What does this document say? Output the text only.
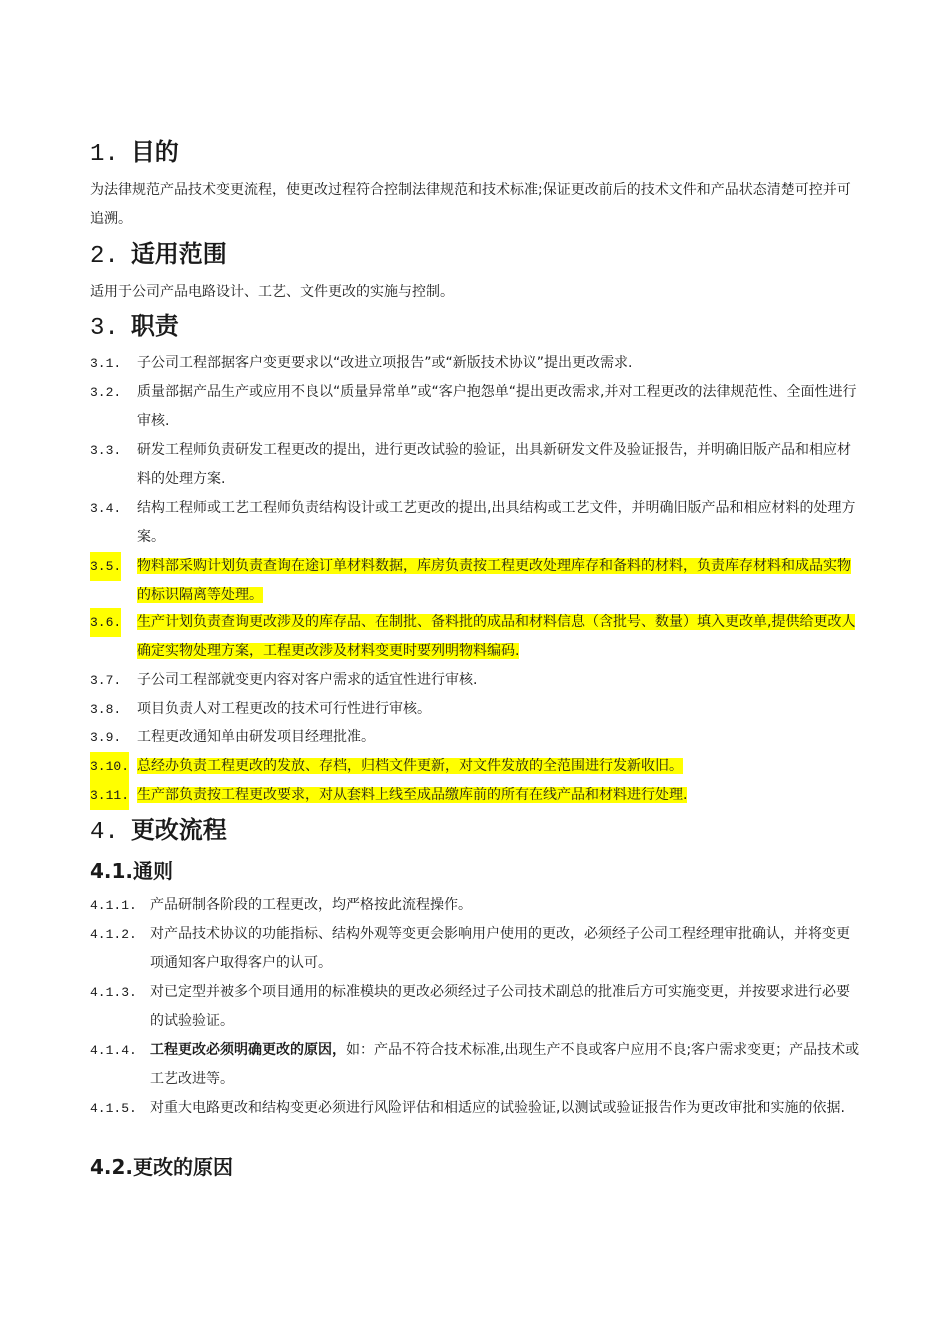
1. 目的
为法律规范产品技术变更流程，使更改过程符合控制法律规范和技术标准;保证更改前后的技术文件和产品状态清楚可控并可追溯。
2. 适用范围
适用于公司产品电路设计、工艺、文件更改的实施与控制。
3. 职责
3.1. 子公司工程部据客户变更要求以“改进立项报告”或“新版技术协议”提出更改需求.
3.2. 质量部据产品生产或应用不良以“质量异常单”或“客户抱怨单“提出更改需求,并对工程更改的法律规范性、全面性进行审核.
3.3. 研发工程师负责研发工程更改的提出，进行更改试验的验证，出具新研发文件及验证报告，并明确旧版产品和相应材料的处理方案.
3.4. 结构工程师或工艺工程师负责结构设计或工艺更改的提出,出具结构或工艺文件，并明确旧版产品和相应材料的处理方案。
3.5. 物料部采购计划负责查询在途订单材料数据，库房负责按工程更改处理库存和备料的材料，负责库存材料和成品实物的标识隔离等处理。
3.6. 生产计划负责查询更改涉及的库存品、在制批、备料批的成品和材料信息（含批号、数量）填入更改单,提供给更改人确定实物处理方案，工程更改涉及材料变更时要列明物料编码.
3.7. 子公司工程部就变更内容对客户需求的适宜性进行审核.
3.8. 项目负责人对工程更改的技术可行性进行审核。
3.9. 工程更改通知单由研发项目经理批准。
3.10. 总经办负责工程更改的发放、存档，归档文件更新，对文件发放的全范围进行发新收旧。
3.11. 生产部负责按工程更改要求，对从套料上线至成品缴库前的所有在线产品和材料进行处理.
4. 更改流程
4.1.通则
4.1.1. 产品研制各阶段的工程更改，均严格按此流程操作。
4.1.2. 对产品技术协议的功能指标、结构外观等变更会影响用户使用的更改，必须经子公司工程经理审批确认，并将变更项通知客户取得客户的认可。
4.1.3. 对已定型并被多个项目通用的标准模块的更改必须经过子公司技术副总的批准后方可实施变更，并按要求进行必要的试验验证。
4.1.4. 工程更改必须明确更改的原因，如：产品不符合技术标准,出现生产不良或客户应用不良;客户需求变更；产品技术或工艺改进等。
4.1.5. 对重大电路更改和结构变更必须进行风险评估和相适应的试验验证,以测试或验证报告作为更改审批和实施的依据.
4.2.更改的原因
